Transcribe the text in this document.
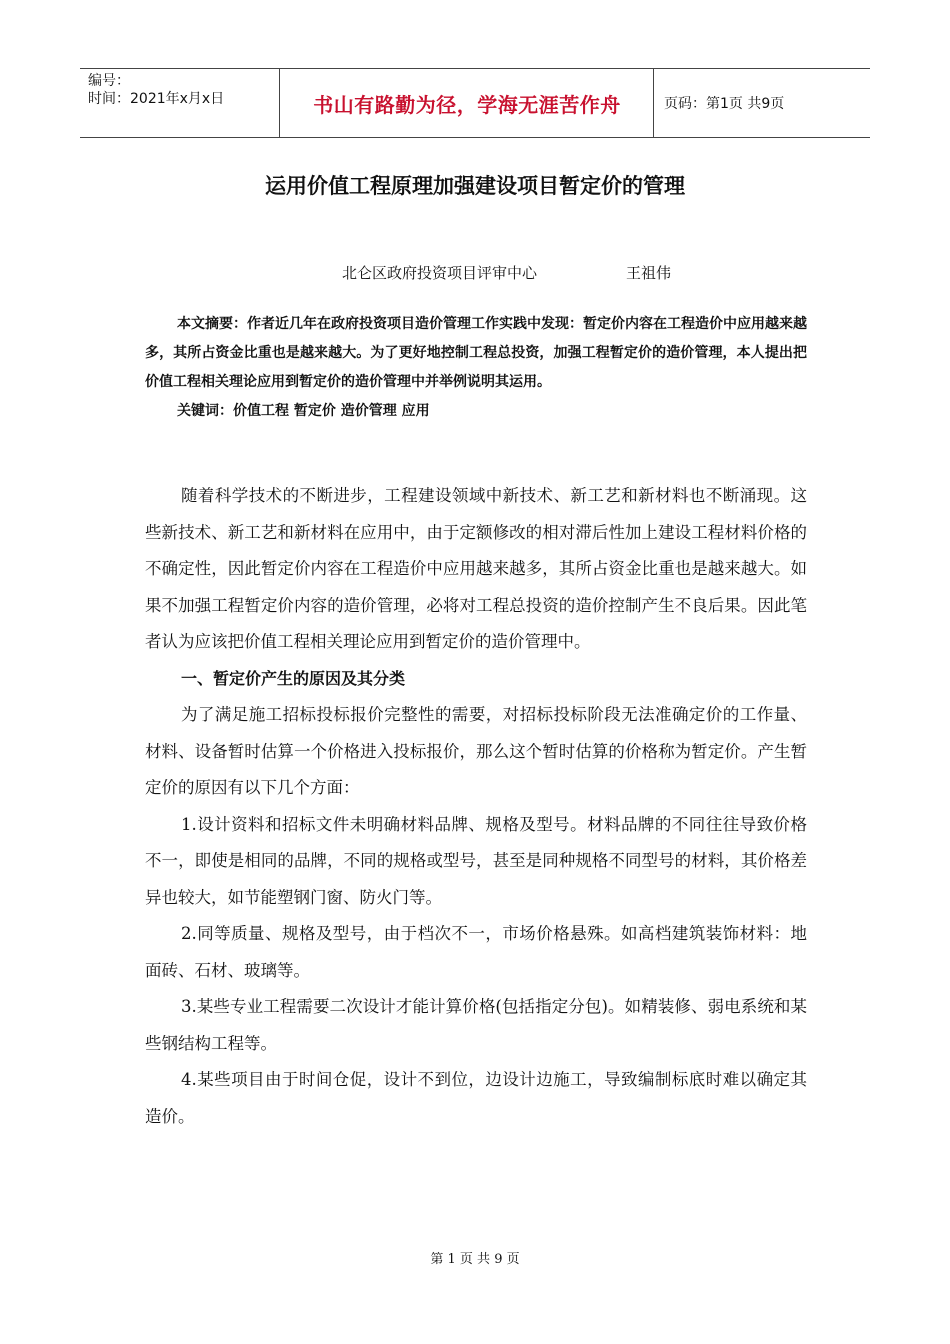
编号：
时间：2021年x月x日	书山有路勤为径，学海无涯苦作舟	页码：第1页 共9页
运用价值工程原理加强建设项目暂定价的管理
北仑区政府投资项目评审中心	王祖伟

本文摘要：作者近几年在政府投资项目造价管理工作实践中发现：暂定价内容在工程造价中应用越来越多，其所占资金比重也是越来越大。为了更好地控制工程总投资，加强工程暂定价的造价管理，本人提出把价值工程相关理论应用到暂定价的造价管理中并举例说明其运用。

关键词：价值工程 暂定价 造价管理 应用

随着科学技术的不断进步，工程建设领域中新技术、新工艺和新材料也不断涌现。这些新技术、新工艺和新材料在应用中，由于定额修改的相对滞后性加上建设工程材料价格的不确定性，因此暂定价内容在工程造价中应用越来越多，其所占资金比重也是越来越大。如果不加强工程暂定价内容的造价管理，必将对工程总投资的造价控制产生不良后果。因此笔者认为应该把价值工程相关理论应用到暂定价的造价管理中。

一、暂定价产生的原因及其分类

为了满足施工招标投标报价完整性的需要，对招标投标阶段无法准确定价的工作量、材料、设备暂时估算一个价格进入投标报价，那么这个暂时估算的价格称为暂定价。产生暂定价的原因有以下几个方面：

1.设计资料和招标文件未明确材料品牌、规格及型号。材料品牌的不同往往导致价格不一，即使是相同的品牌，不同的规格或型号，甚至是同种规格不同型号的材料，其价格差异也较大，如节能塑钢门窗、防火门等。

2.同等质量、规格及型号，由于档次不一，市场价格悬殊。如高档建筑装饰材料：地面砖、石材、玻璃等。

3.某些专业工程需要二次设计才能计算价格(包括指定分包)。如精装修、弱电系统和某些钢结构工程等。

4.某些项目由于时间仓促，设计不到位，边设计边施工，导致编制标底时难以确定其造价。

第 1 页 共 9 页
